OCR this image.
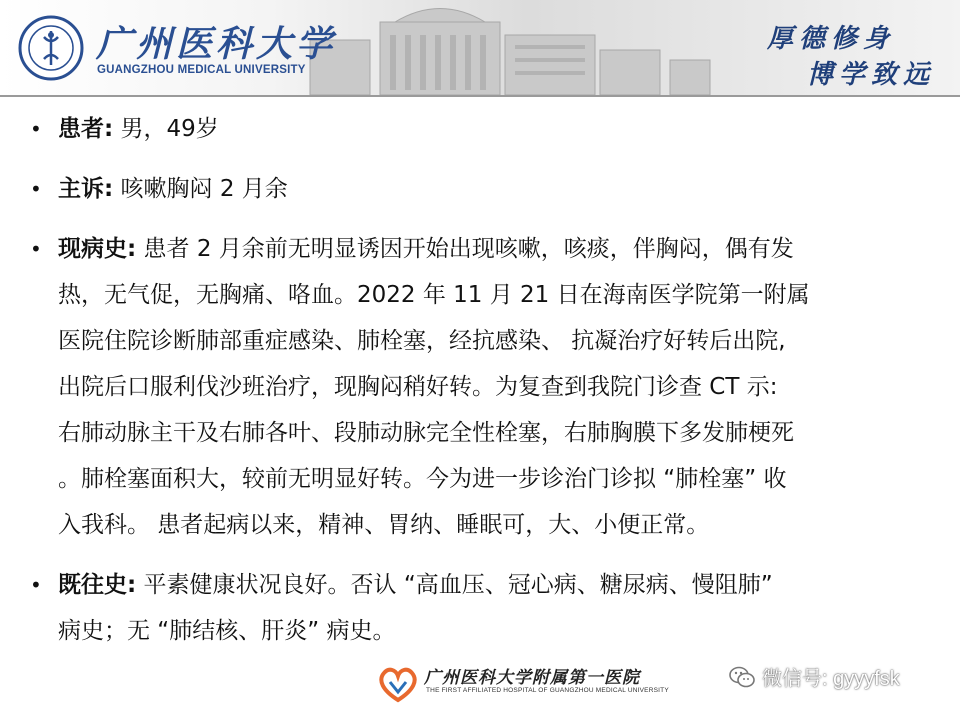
广州医科大学
GUANGZHOU MEDICAL UNIVERSITY
厚德修身
博学致远
• 患者: 男，49岁
• 主诉: 咳嗽胸闷 2 月余
• 现病史: 患者 2 月余前无明显诱因开始出现咳嗽，咳痰，伴胸闷，偶有发
热，无气促，无胸痛、咯血。2022 年 11 月 21 日在海南医学院第一附属
医院住院诊断肺部重症感染、肺栓塞，经抗感染、 抗凝治疗好转后出院,
出院后口服利伐沙班治疗，现胸闷稍好转。为复查到我院门诊查 CT 示:
右肺动脉主干及右肺各叶、段肺动脉完全性栓塞，右肺胸膜下多发肺梗死
。肺栓塞面积大，较前无明显好转。今为进一步诊治门诊拟 “肺栓塞” 收
入我科。 患者起病以来，精神、胃纳、睡眠可，大、小便正常。
• 既往史: 平素健康状况良好。否认 “高血压、冠心病、糖尿病、慢阻肺”
病史；无 “肺结核、肝炎” 病史。
广州医科大学附属第一医院
THE FIRST AFFILIATED HOSPITAL OF GUANGZHOU MEDICAL UNIVERSITY
微信号: gyyyfsk
